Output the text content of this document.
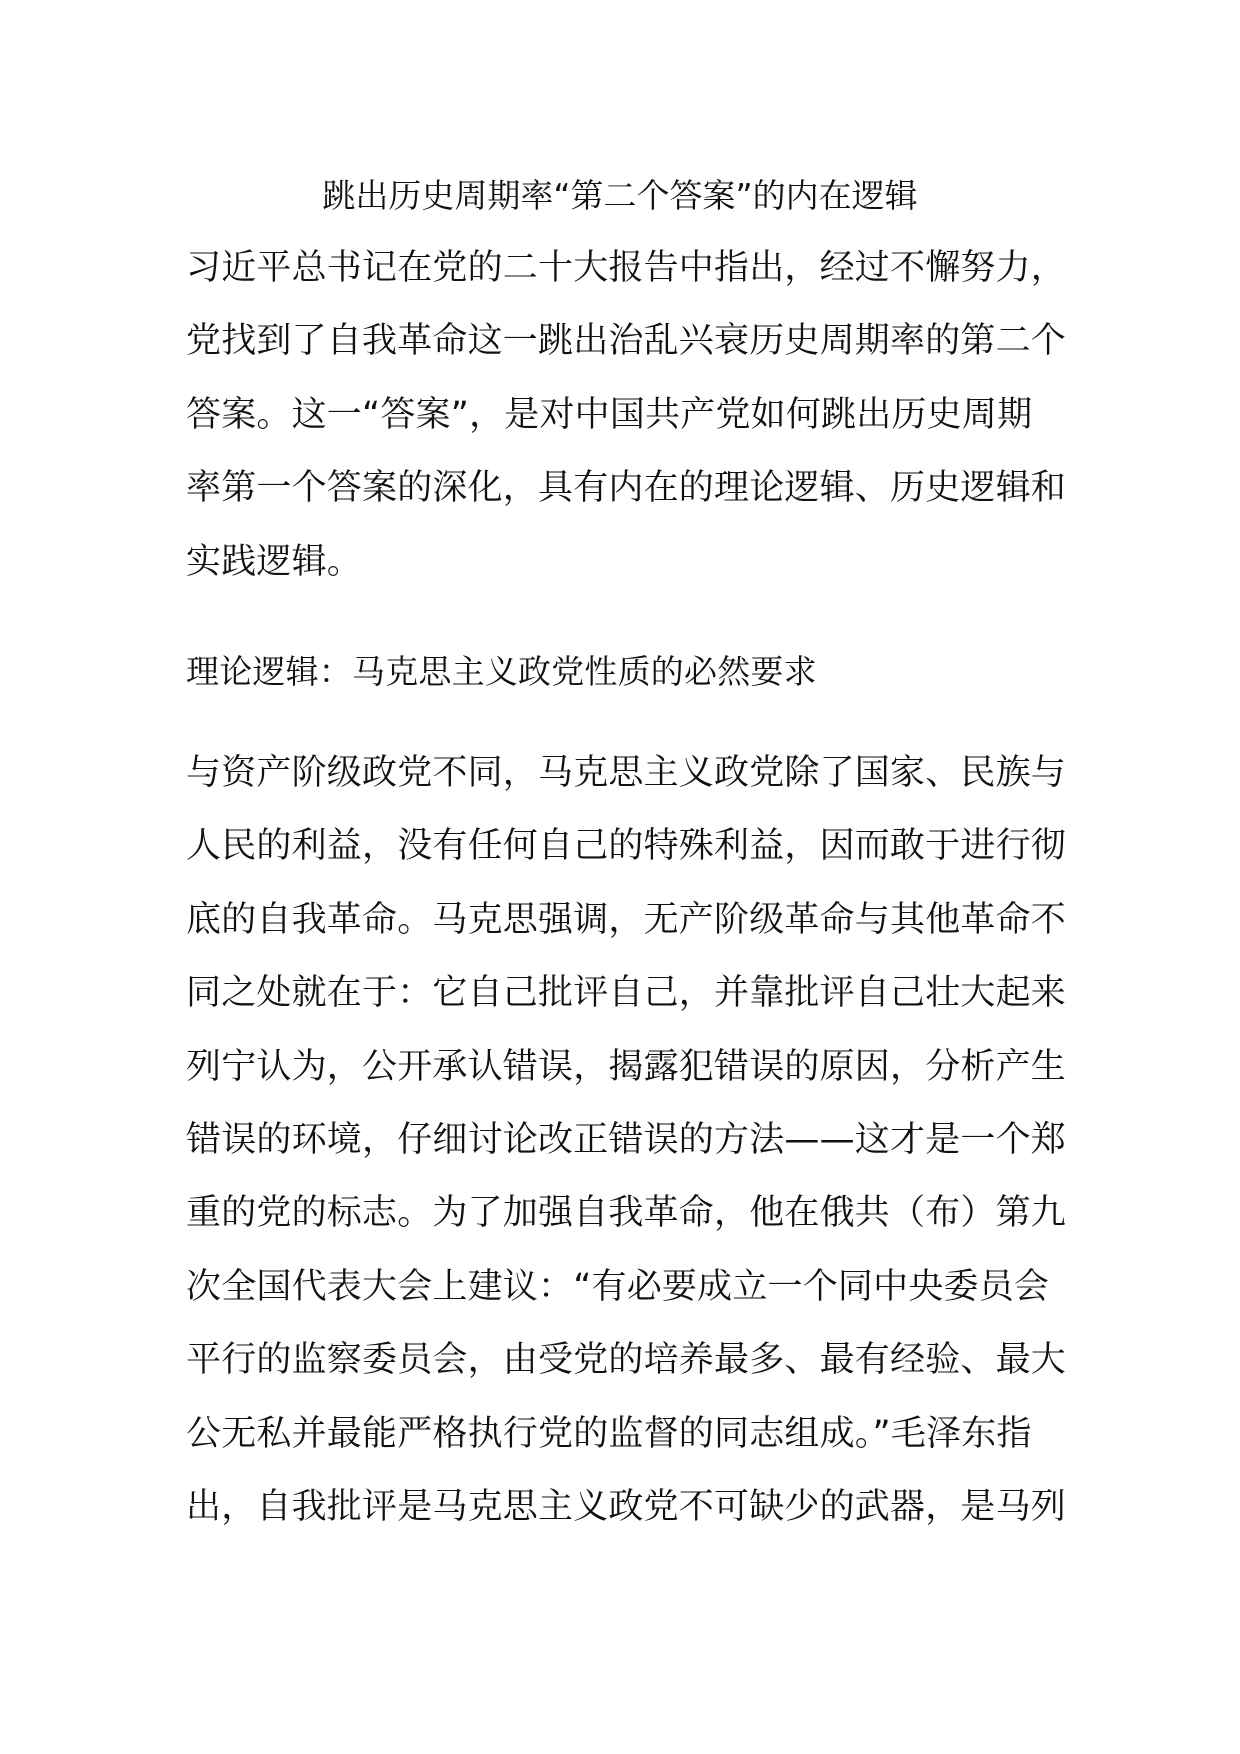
跳出历史周期率“第二个答案”的内在逻辑
习近平总书记在党的二十大报告中指出，经过不懈努力，
党找到了自我革命这一跳出治乱兴衰历史周期率的第二个
答案。这一“答案”，是对中国共产党如何跳出历史周期
率第一个答案的深化，具有内在的理论逻辑、历史逻辑和
实践逻辑。
理论逻辑：马克思主义政党性质的必然要求
与资产阶级政党不同，马克思主义政党除了国家、民族与
人民的利益，没有任何自己的特殊利益，因而敢于进行彻
底的自我革命。马克思强调，无产阶级革命与其他革命不
同之处就在于：它自己批评自己，并靠批评自己壮大起来
列宁认为，公开承认错误，揭露犯错误的原因，分析产生
错误的环境，仔细讨论改正错误的方法——这才是一个郑
重的党的标志。为了加强自我革命，他在俄共（布）第九
次全国代表大会上建议：“有必要成立一个同中央委员会
平行的监察委员会，由受党的培养最多、最有经验、最大
公无私并最能严格执行党的监督的同志组成。”毛泽东指
出，自我批评是马克思主义政党不可缺少的武器，是马列
